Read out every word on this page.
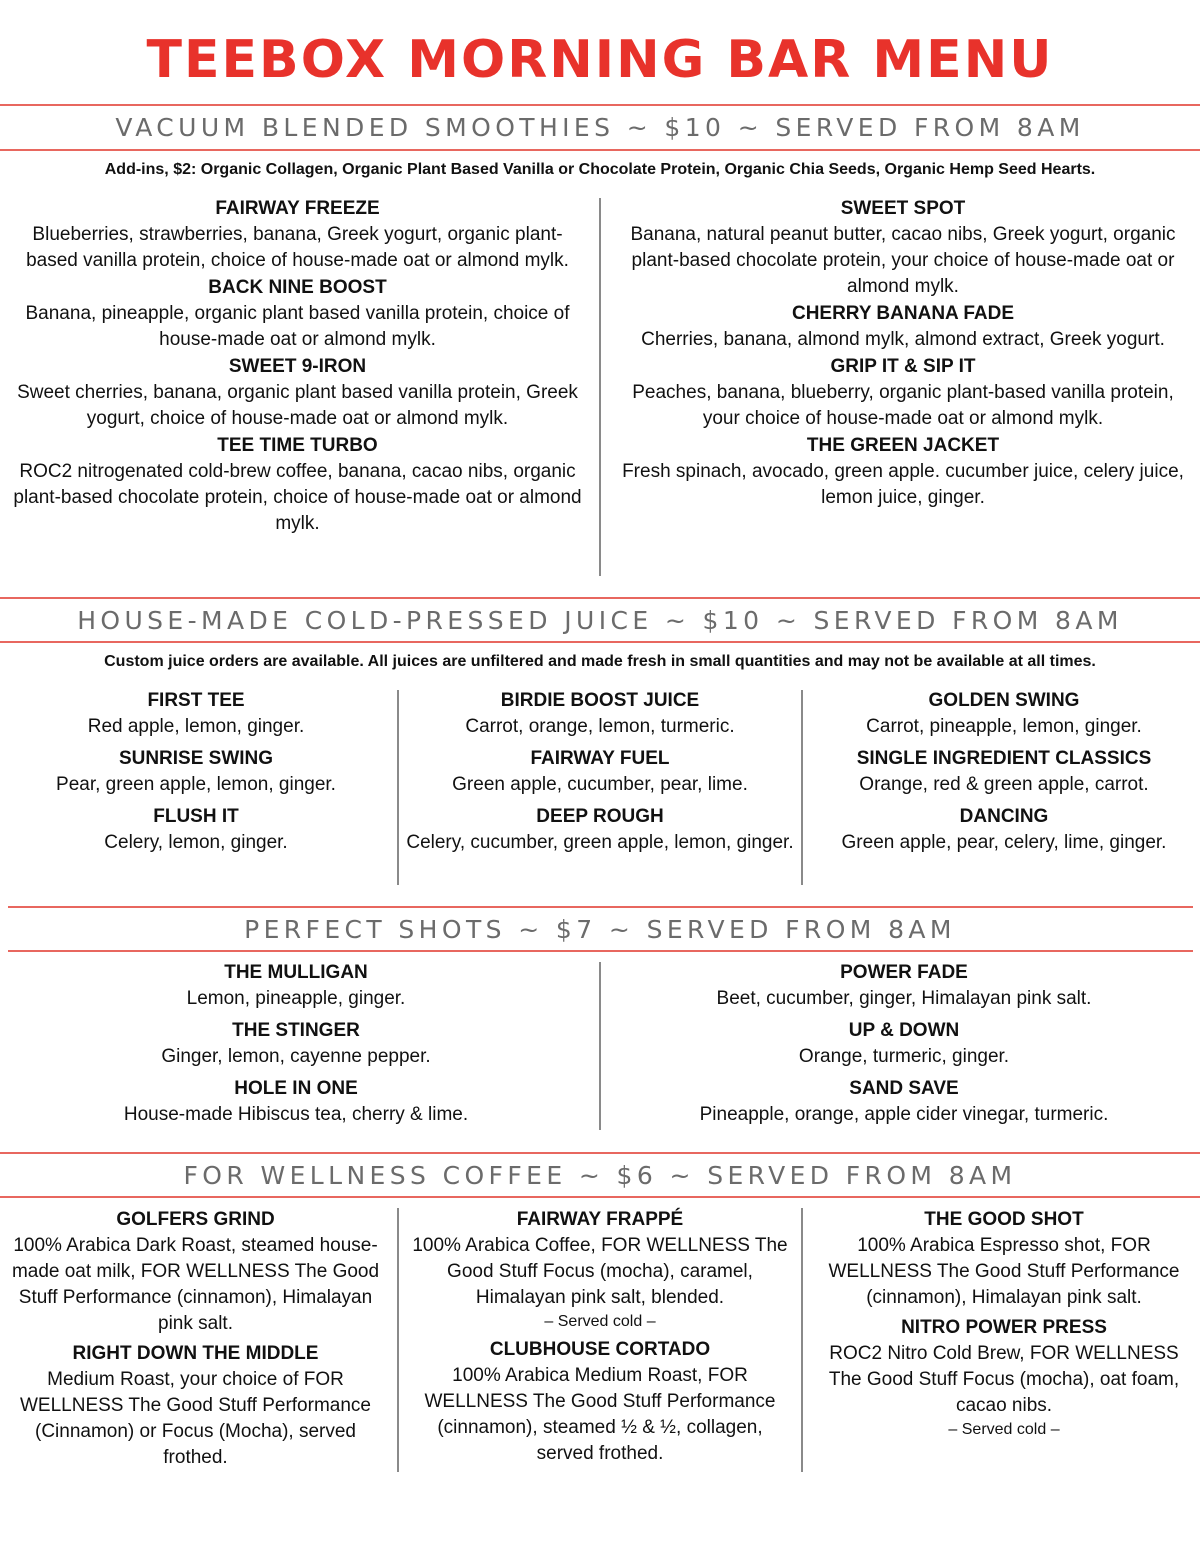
TEEBOX MORNING BAR MENU
VACUUM BLENDED SMOOTHIES ~ $10 ~ SERVED FROM 8AM
Add-ins, $2: Organic Collagen, Organic Plant Based Vanilla or Chocolate Protein, Organic Chia Seeds, Organic Hemp Seed Hearts.
FAIRWAY FREEZE
Blueberries, strawberries, banana, Greek yogurt, organic plant-based vanilla protein, choice of house-made oat or almond mylk.
BACK NINE BOOST
Banana, pineapple, organic plant based vanilla protein, choice of house-made oat or almond mylk.
SWEET 9-IRON
Sweet cherries, banana, organic plant based vanilla protein, Greek yogurt, choice of house-made oat or almond mylk.
TEE TIME TURBO
ROC2 nitrogenated cold-brew coffee, banana, cacao nibs, organic plant-based chocolate protein, choice of house-made oat or almond mylk.
SWEET SPOT
Banana, natural peanut butter, cacao nibs, Greek yogurt, organic plant-based chocolate protein, your choice of house-made oat or almond mylk.
CHERRY BANANA FADE
Cherries, banana, almond mylk, almond extract, Greek yogurt.
GRIP IT & SIP IT
Peaches, banana, blueberry, organic plant-based vanilla protein, your choice of house-made oat or almond mylk.
THE GREEN JACKET
Fresh spinach, avocado, green apple. cucumber juice, celery juice, lemon juice, ginger.
HOUSE-MADE COLD-PRESSED JUICE ~ $10 ~ SERVED FROM 8AM
Custom juice orders are available. All juices are unfiltered and made fresh in small quantities and may not be available at all times.
FIRST TEE
Red apple, lemon, ginger.
SUNRISE SWING
Pear, green apple, lemon, ginger.
FLUSH IT
Celery, lemon, ginger.
BIRDIE BOOST JUICE
Carrot, orange, lemon, turmeric.
FAIRWAY FUEL
Green apple, cucumber, pear, lime.
DEEP ROUGH
Celery, cucumber, green apple, lemon, ginger.
GOLDEN SWING
Carrot, pineapple, lemon, ginger.
SINGLE INGREDIENT CLASSICS
Orange, red & green apple, carrot.
DANCING
Green apple, pear, celery, lime, ginger.
PERFECT SHOTS ~ $7 ~ SERVED FROM 8AM
THE MULLIGAN
Lemon, pineapple, ginger.
THE STINGER
Ginger, lemon, cayenne pepper.
HOLE IN ONE
House-made Hibiscus tea, cherry & lime.
POWER FADE
Beet, cucumber, ginger, Himalayan pink salt.
UP & DOWN
Orange, turmeric, ginger.
SAND SAVE
Pineapple, orange, apple cider vinegar, turmeric.
FOR WELLNESS COFFEE ~ $6 ~ SERVED FROM 8AM
GOLFERS GRIND
100% Arabica Dark Roast, steamed house-made oat milk, FOR WELLNESS The Good Stuff Performance (cinnamon), Himalayan pink salt.
RIGHT DOWN THE MIDDLE
Medium Roast, your choice of FOR WELLNESS The Good Stuff Performance (Cinnamon) or Focus (Mocha), served frothed.
FAIRWAY FRAPPÉ
100% Arabica Coffee, FOR WELLNESS The Good Stuff Focus (mocha), caramel, Himalayan pink salt, blended.
– Served cold –
CLUBHOUSE CORTADO
100% Arabica Medium Roast, FOR WELLNESS The Good Stuff Performance (cinnamon), steamed ½ & ½, collagen, served frothed.
THE GOOD SHOT
100% Arabica Espresso shot, FOR WELLNESS The Good Stuff Performance (cinnamon), Himalayan pink salt.
NITRO POWER PRESS
ROC2 Nitro Cold Brew, FOR WELLNESS The Good Stuff Focus (mocha), oat foam, cacao nibs.
– Served cold –
